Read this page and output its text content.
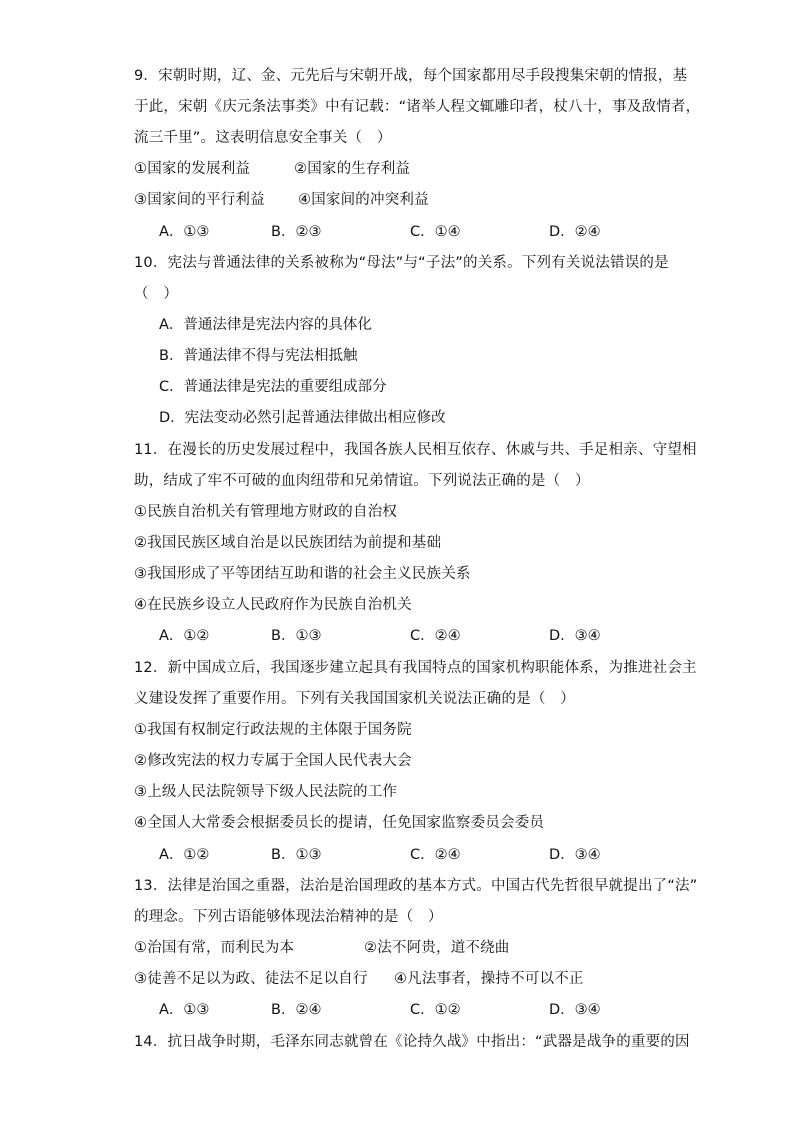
9．宋朝时期，辽、金、元先后与宋朝开战，每个国家都用尽手段搜集宋朝的情报，基
于此，宋朝《庆元条法事类》中有记载：“诸举人程文辄雕印者，杖八十，事及敌情者，
流三千里”。这表明信息安全事关（　）
①国家的发展利益	②国家的生存利益
③国家间的平行利益 ④国家间的冲突利益
A．①③	B．②③	C．①④	D．②④
10．宪法与普通法律的关系被称为“母法”与“子法”的关系。下列有关说法错误的是
（　）
A．普通法律是宪法内容的具体化
B．普通法律不得与宪法相抵触
C．普通法律是宪法的重要组成部分
D．宪法变动必然引起普通法律做出相应修改
11．在漫长的历史发展过程中，我国各族人民相互依存、休戚与共、手足相亲、守望相
助，结成了牢不可破的血肉纽带和兄弟情谊。下列说法正确的是（　）
①民族自治机关有管理地方财政的自治权
②我国民族区域自治是以民族团结为前提和基础
③我国形成了平等团结互助和谐的社会主义民族关系
④在民族乡设立人民政府作为民族自治机关
A．①②	B．①③	C．②④	D．③④
12．新中国成立后，我国逐步建立起具有我国特点的国家机构职能体系，为推进社会主
义建设发挥了重要作用。下列有关我国国家机关说法正确的是（　）
①我国有权制定行政法规的主体限于国务院
②修改宪法的权力专属于全国人民代表大会
③上级人民法院领导下级人民法院的工作
④全国人大常委会根据委员长的提请，任免国家监察委员会委员
A．①②	B．①③	C．②④	D．③④
13．法律是治国之重器，法治是治国理政的基本方式。中国古代先哲很早就提出了“法”
的理念。下列古语能够体现法治精神的是（　）
①治国有常，而利民为本	②法不阿贵，道不绕曲
③徒善不足以为政、徒法不足以自行 ④凡法事者，操持不可以不正
A．①③	B．②④	C．①②	D．③④
14．抗日战争时期，毛泽东同志就曾在《论持久战》中指出：“武器是战争的重要的因
